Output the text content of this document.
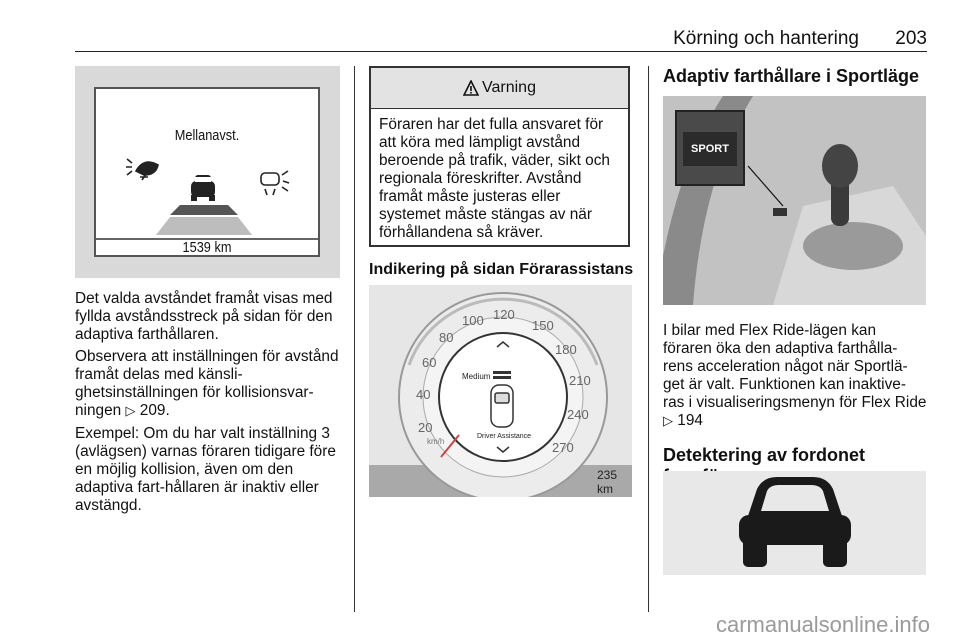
Körning och hantering 203
Mellanavst.
1539 km

Det valda avståndet framåt visas med fyllda avståndsstreck på sidan för den adaptiva farthållaren.

Observera att inställningen för avstånd framåt delas med känsli-ghetsinställningen för kollisionsvar-ningen ▷ 209.

Exempel: Om du har valt inställning 3 (avlägsen) varnas föraren tidigare före en möjlig kollision, även om den adaptiva fart-hållaren är inaktiv eller avstängd.

Varning
Föraren har det fulla ansvaret för att köra med lämpligt avstånd beroende på trafik, väder, sikt och regionala föreskrifter. Avstånd framåt måste justeras eller systemet måste stängas av när förhållandena så kräver.
Indikering på sidan Förarassistans
20
40
60
80
100 120
150
180
210
240
270
km/h
Medium
Driver Assistance
235 km
Adaptiv farthållare i Sportläge
SPORT

I bilar med Flex Ride-lägen kan föraren öka den adaptiva farthålla-rens acceleration något när Sportlä-get är valt. Funktionen kan inaktive-ras i visualiseringsmenyn för Flex Ride ▷ 194

Detektering av fordonet
carmanualsonline.info
